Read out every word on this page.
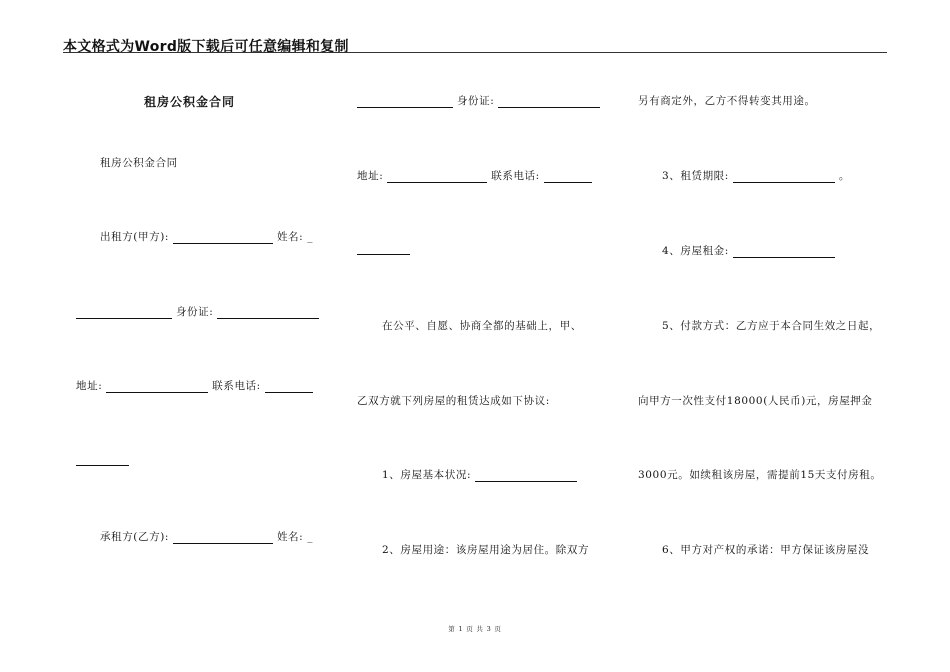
本文格式为Word版下载后可任意编辑和复制
租房公积金合同
租房公积金合同
出租方(甲方):	姓名: _
身份证:
地址:	联系电话:
承租方(乙方):	姓名: _
身份证:
地址:	联系电话:
在公平、自愿、协商全都的基础上，甲、
乙双方就下列房屋的租赁达成如下协议:
1、房屋基本状况:
2、房屋用途：该房屋用途为居住。除双方
另有商定外，乙方不得转变其用途。
3、租赁期限:	。
4、房屋租金:
5、付款方式：乙方应于本合同生效之日起，
向甲方一次性支付18000(人民币)元，房屋押金
3000元。如续租该房屋，需提前15天支付房租。
6、甲方对产权的承诺：甲方保证该房屋没
第 1 页 共 3 页
